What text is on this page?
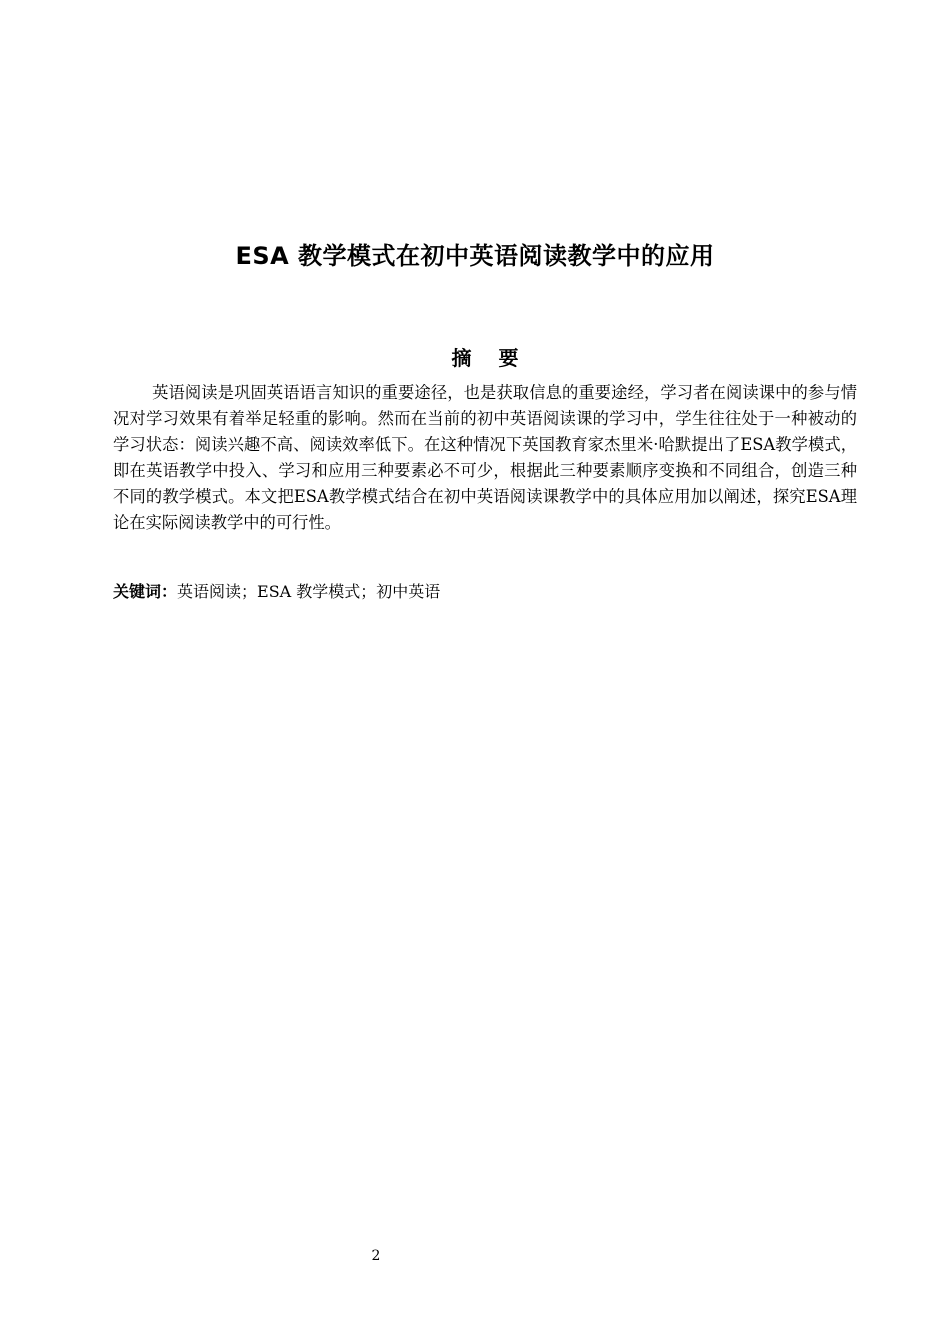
ESA 教学模式在初中英语阅读教学中的应用
摘 要
英语阅读是巩固英语语言知识的重要途径，也是获取信息的重要途经，学习者在阅读课中的参与情况对学习效果有着举足轻重的影响。然而在当前的初中英语阅读课的学习中，学生往往处于一种被动的学习状态：阅读兴趣不高、阅读效率低下。在这种情况下英国教育家杰里米·哈默提出了ESA教学模式，即在英语教学中投入、学习和应用三种要素必不可少，根据此三种要素顺序变换和不同组合，创造三种不同的教学模式。本文把ESA教学模式结合在初中英语阅读课教学中的具体应用加以阐述，探究ESA理论在实际阅读教学中的可行性。
关键词：英语阅读；ESA 教学模式；初中英语
2
